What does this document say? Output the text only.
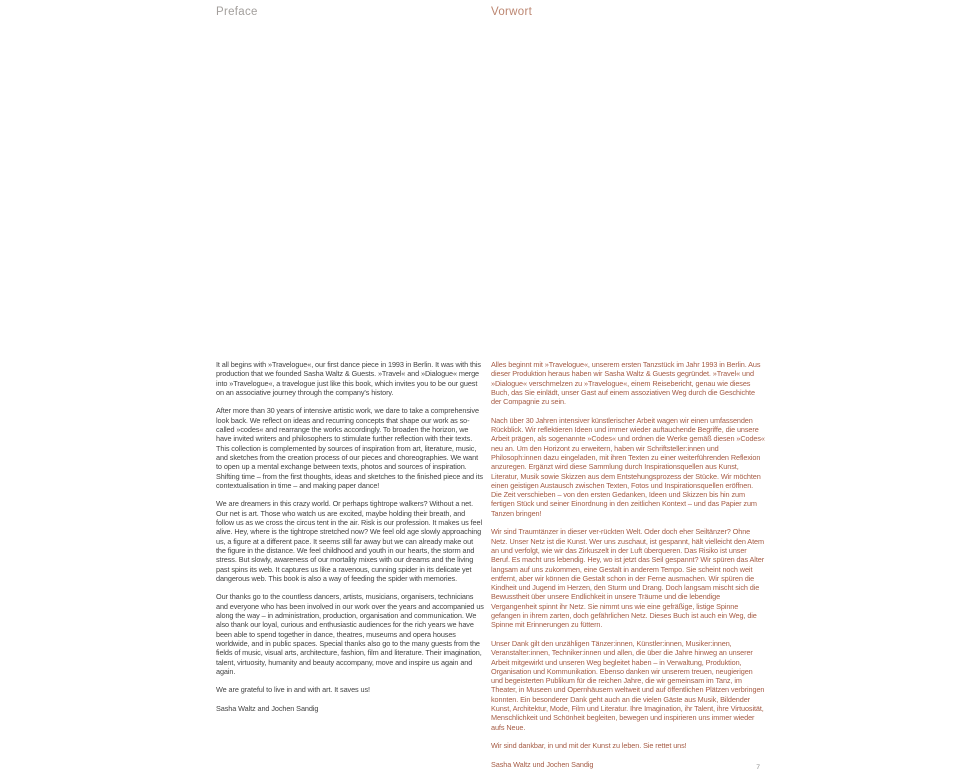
Preface	Vorwort

It all begins with »Travelogue«, our first dance piece in 1993 in Berlin. It was with this production that we founded Sasha Waltz & Guests. »Travel« and »Dialogue« merge into »Travelogue«, a travelogue just like this book, which invites you to be our guest on an associative journey through the company's history.

After more than 30 years of intensive artistic work, we dare to take a comprehensive look back. We reflect on ideas and recurring concepts that shape our work as so-called »codes« and rearrange the works accordingly. To broaden the horizon, we have invited writers and philosophers to stimulate further reflection with their texts. This collection is complemented by sources of inspiration from art, literature, music, and sketches from the creation process of our pieces and choreographies. We want to open up a mental exchange between texts, photos and sources of inspiration. Shifting time – from the first thoughts, ideas and sketches to the finished piece and its contextualisation in time – and making paper dance!

We are dreamers in this crazy world. Or perhaps tightrope walkers? Without a net. Our net is art. Those who watch us are excited, maybe holding their breath, and follow us as we cross the circus tent in the air. Risk is our profession. It makes us feel alive. Hey, where is the tightrope stretched now? We feel old age slowly approaching us, a figure at a different pace. It seems still far away but we can already make out the figure in the distance. We feel childhood and youth in our hearts, the storm and stress. But slowly, awareness of our mortality mixes with our dreams and the living past spins its web. It captures us like a ravenous, cunning spider in its delicate yet dangerous web. This book is also a way of feeding the spider with memories.

Our thanks go to the countless dancers, artists, musicians, organisers, technicians and everyone who has been involved in our work over the years and accompanied us along the way – in administration, production, organisation and communication. We also thank our loyal, curious and enthusiastic audiences for the rich years we have been able to spend together in dance, theatres, museums and opera houses worldwide, and in public spaces. Special thanks also go to the many guests from the fields of music, visual arts, architecture, fashion, film and literature. Their imagination, talent, virtuosity, humanity and beauty accompany, move and inspire us again and again.

We are grateful to live in and with art. It saves us!

Sasha Waltz and Jochen Sandig

Alles beginnt mit »Travelogue«, unserem ersten Tanzstück im Jahr 1993 in Berlin. Aus dieser Produktion heraus haben wir Sasha Waltz & Guests gegründet. »Travel« und »Dialogue« verschmelzen zu »Travelogue«, einem Reisebericht, genau wie dieses Buch, das Sie einlädt, unser Gast auf einem assoziativen Weg durch die Geschichte der Compagnie zu sein.

Nach über 30 Jahren intensiver künstlerischer Arbeit wagen wir einen umfassenden Rückblick. Wir reflektieren Ideen und immer wieder auftauchende Begriffe, die unsere Arbeit prägen, als sogenannte »Codes« und ordnen die Werke gemäß diesen »Codes« neu an. Um den Horizont zu erweitern, haben wir Schriftsteller:innen und Philosoph:innen dazu eingeladen, mit ihren Texten zu einer weiterführenden Reflexion anzuregen. Ergänzt wird diese Sammlung durch Inspirationsquellen aus Kunst, Literatur, Musik sowie Skizzen aus dem Entstehungsprozess der Stücke. Wir möchten einen geistigen Austausch zwischen Texten, Fotos und Inspirationsquellen eröffnen. Die Zeit verschieben – von den ersten Gedanken, Ideen und Skizzen bis hin zum fertigen Stück und seiner Einordnung in den zeitlichen Kontext – und das Papier zum Tanzen bringen!

Wir sind Traumtänzer in dieser ver-rückten Welt. Oder doch eher Seiltänzer? Ohne Netz. Unser Netz ist die Kunst. Wer uns zuschaut, ist gespannt, hält vielleicht den Atem an und verfolgt, wie wir das Zirkuszelt in der Luft überqueren. Das Risiko ist unser Beruf. Es macht uns lebendig. Hey, wo ist jetzt das Seil gespannt? Wir spüren das Alter langsam auf uns zukommen, eine Gestalt in anderem Tempo. Sie scheint noch weit entfernt, aber wir können die Gestalt schon in der Ferne ausmachen. Wir spüren die Kindheit und Jugend im Herzen, den Sturm und Drang. Doch langsam mischt sich die Bewusstheit über unsere Endlichkeit in unsere Träume und die lebendige Vergangenheit spinnt ihr Netz. Sie nimmt uns wie eine gefräßige, listige Spinne gefangen in ihrem zarten, doch gefährlichen Netz. Dieses Buch ist auch ein Weg, die Spinne mit Erinnerungen zu füttern.

Unser Dank gilt den unzähligen Tänzer:innen, Künstler:innen, Musiker:innen, Veranstalter:innen, Techniker:innen und allen, die über die Jahre hinweg an unserer Arbeit mitgewirkt und unseren Weg begleitet haben – in Verwaltung, Produktion, Organisation und Kommunikation. Ebenso danken wir unserem treuen, neugierigen und begeisterten Publikum für die reichen Jahre, die wir gemeinsam im Tanz, im Theater, in Museen und Opernhäusern weltweit und auf öffentlichen Plätzen verbringen konnten. Ein besonderer Dank geht auch an die vielen Gäste aus Musik, Bildender Kunst, Architektur, Mode, Film und Literatur. Ihre Imagination, ihr Talent, ihre Virtuosität, Menschlichkeit und Schönheit begleiten, bewegen und inspirieren uns immer wieder aufs Neue.

Wir sind dankbar, in und mit der Kunst zu leben. Sie rettet uns!

Sasha Waltz und Jochen Sandig	7
